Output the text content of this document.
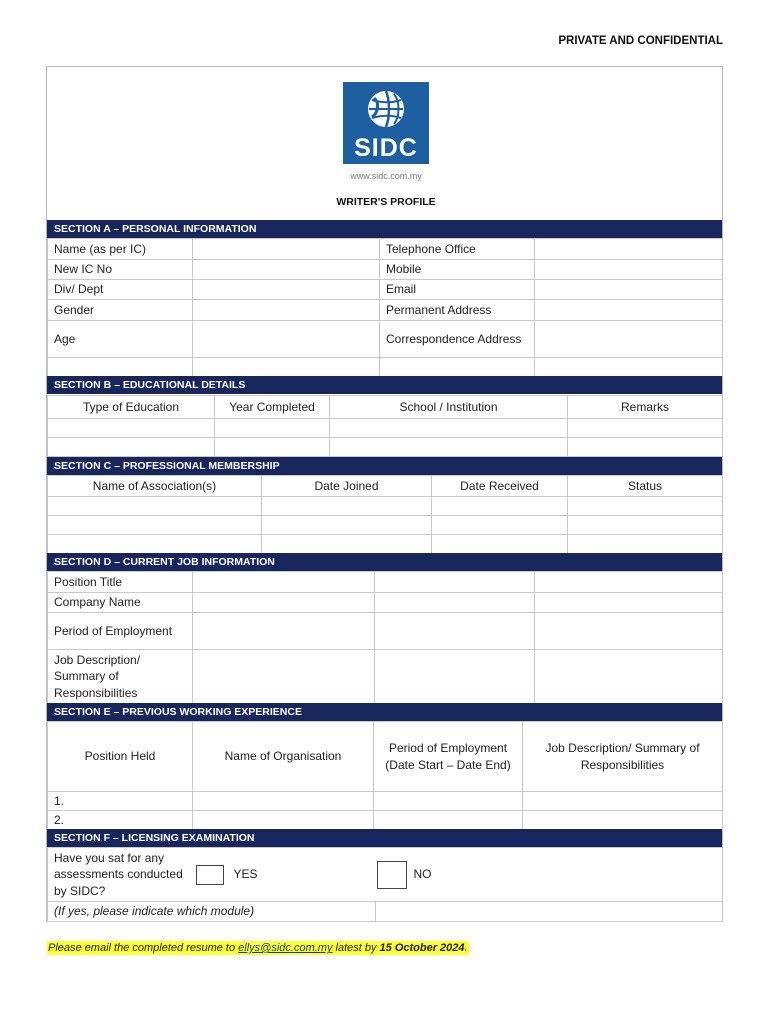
PRIVATE AND CONFIDENTIAL
SIDC
www.sidc.com.my
WRITER'S PROFILE
SECTION A – PERSONAL INFORMATION
Name (as per IC)		Telephone Office	
New IC No		Mobile	
Div/ Dept		Email	
Gender		Permanent Address	
Age		Correspondence Address	

SECTION B – EDUCATIONAL DETAILS
Type of Education	Year Completed	School / Institution	Remarks

SECTION C – PROFESSIONAL MEMBERSHIP
Name of Association(s)	Date Joined	Date Received	Status

SECTION D – CURRENT JOB INFORMATION
Position Title			
Company Name			
Period of Employment			
Job Description/ Summary of Responsibilities			
SECTION E – PREVIOUS WORKING EXPERIENCE
Position Held	Name of Organisation	Period of Employment (Date Start – Date End)	Job Description/ Summary of Responsibilities
1.			
2.			
SECTION F – LICENSING EXAMINATION
Have you sat for any assessments conducted by SIDC?		YES		NO
(If yes, please indicate which module)				
Please email the completed resume to ellys@sidc.com.my latest by 15 October 2024.
